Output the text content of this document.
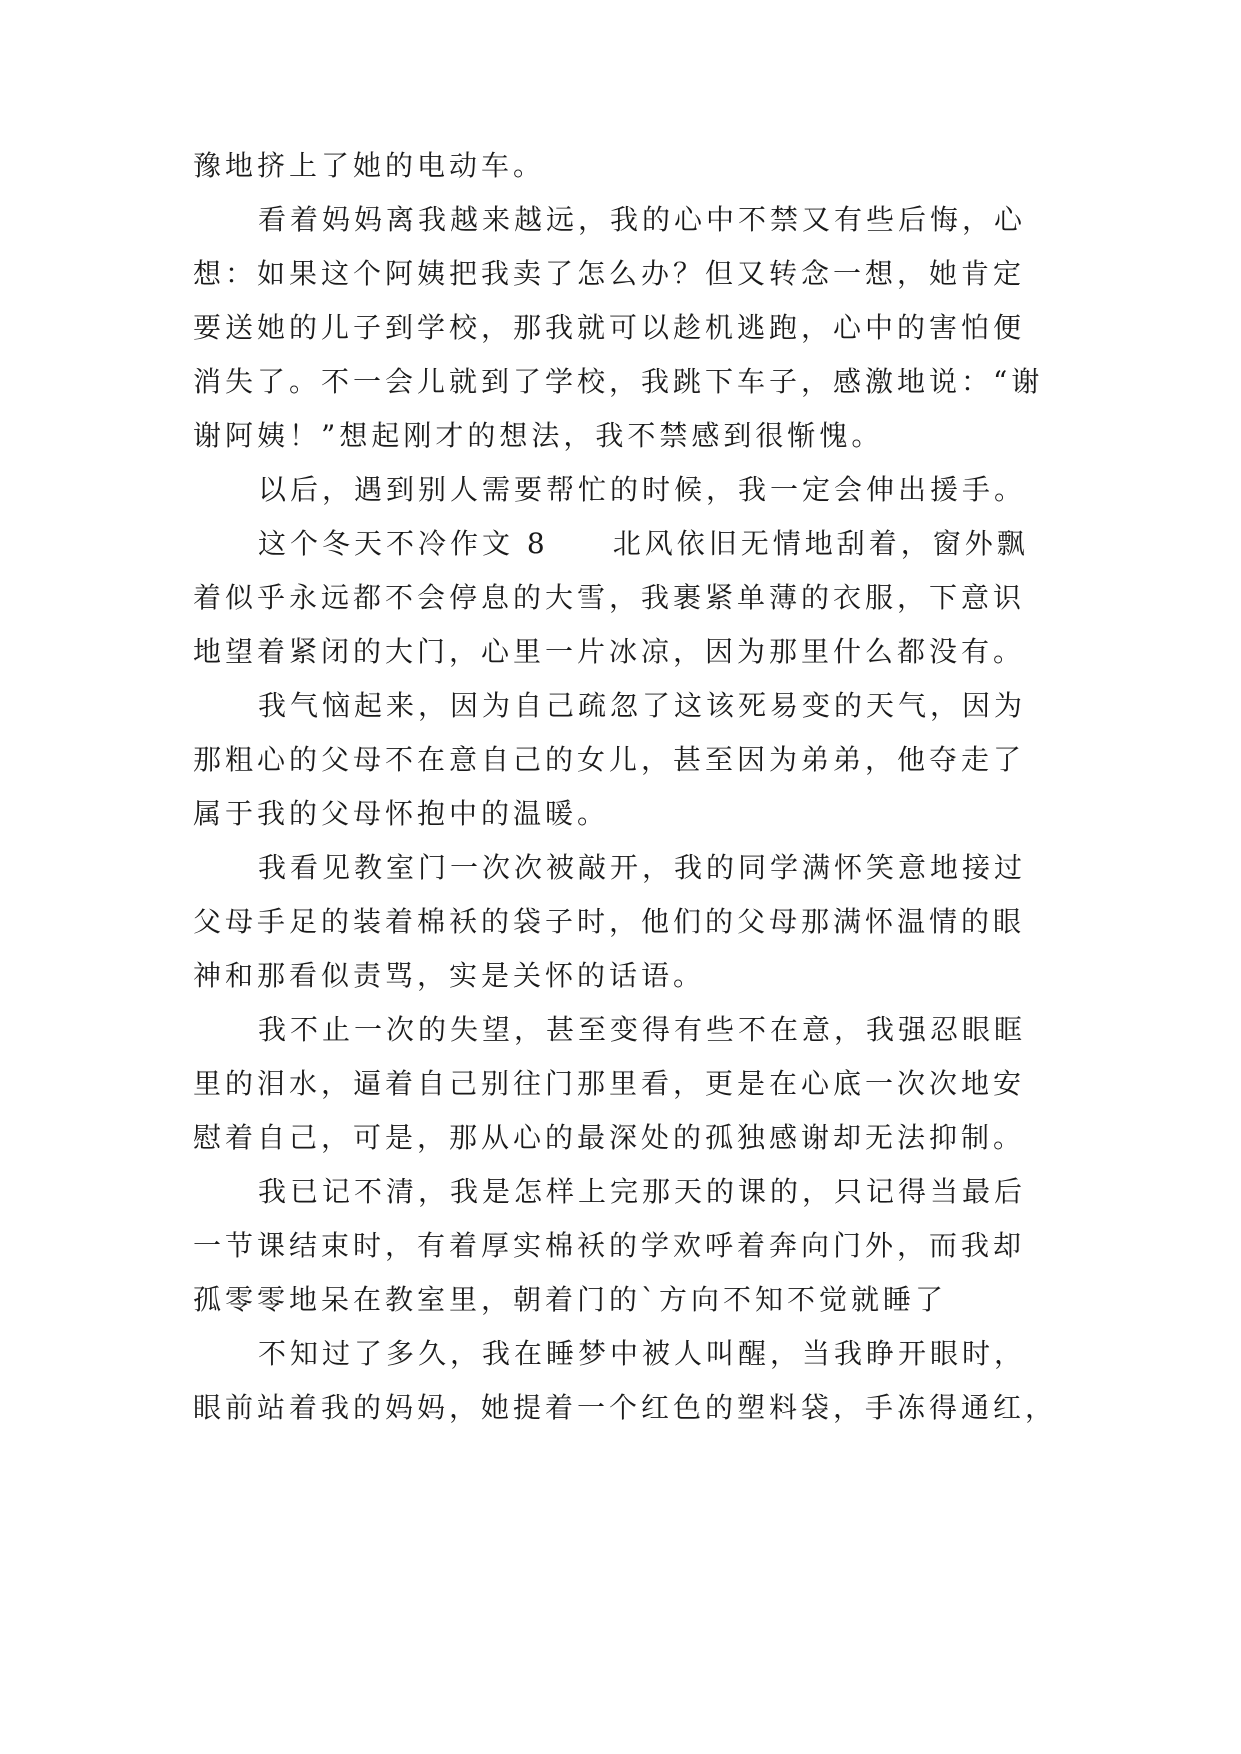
豫地挤上了她的电动车。
看着妈妈离我越来越远，我的心中不禁又有些后悔，心
想：如果这个阿姨把我卖了怎么办？但又转念一想，她肯定
要送她的儿子到学校，那我就可以趁机逃跑，心中的害怕便
消失了。不一会儿就到了学校，我跳下车子，感激地说：“谢
谢阿姨！”想起刚才的想法，我不禁感到很惭愧。
以后，遇到别人需要帮忙的时候，我一定会伸出援手。
这个冬天不冷作文 8　　北风依旧无情地刮着，窗外飘
着似乎永远都不会停息的大雪，我裹紧单薄的衣服，下意识
地望着紧闭的大门，心里一片冰凉，因为那里什么都没有。
我气恼起来，因为自己疏忽了这该死易变的天气，因为
那粗心的父母不在意自己的女儿，甚至因为弟弟，他夺走了
属于我的父母怀抱中的温暖。
我看见教室门一次次被敲开，我的同学满怀笑意地接过
父母手足的装着棉袄的袋子时，他们的父母那满怀温情的眼
神和那看似责骂，实是关怀的话语。
我不止一次的失望，甚至变得有些不在意，我强忍眼眶
里的泪水，逼着自己别往门那里看，更是在心底一次次地安
慰着自己，可是，那从心的最深处的孤独感谢却无法抑制。
我已记不清，我是怎样上完那天的课的，只记得当最后
一节课结束时，有着厚实棉袄的学欢呼着奔向门外，而我却
孤零零地呆在教室里，朝着门的`方向不知不觉就睡了
不知过了多久，我在睡梦中被人叫醒，当我睁开眼时，
眼前站着我的妈妈，她提着一个红色的塑料袋，手冻得通红，
